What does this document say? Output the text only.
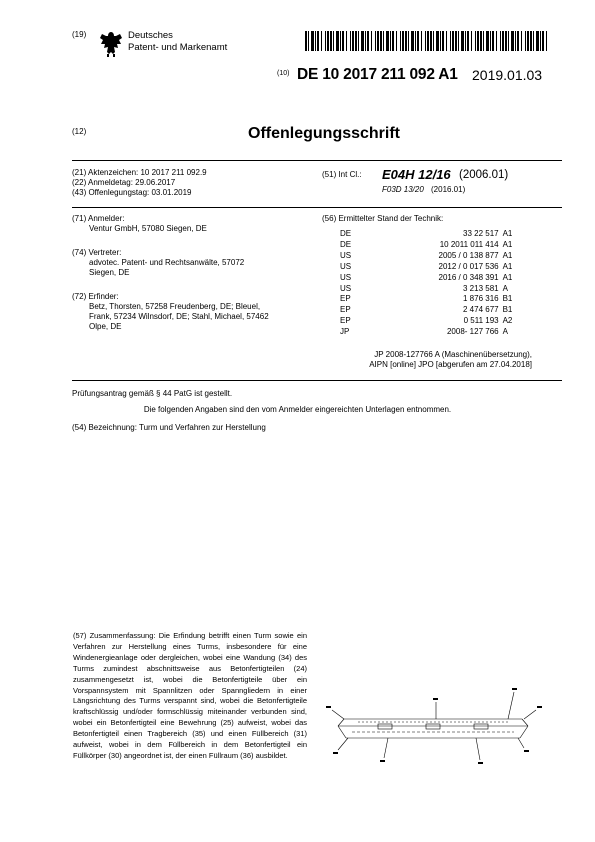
(19)	Deutsches
Patent- und Markenamt
(10) DE 10 2017 211 092 A1 2019.01.03
(12)	Offenlegungsschrift
(21) Aktenzeichen: 10 2017 211 092.9
(22) Anmeldetag: 29.06.2017
(43) Offenlegungstag: 03.01.2019
(51) Int Cl.: E04H 12/16 (2006.01)
F03D 13/20 (2016.01)
(71) Anmelder:
Ventur GmbH, 57080 Siegen, DE
(74) Vertreter:
advotec. Patent- und Rechtsanwälte, 57072
Siegen, DE
(72) Erfinder:
Betz, Thorsten, 57258 Freudenberg, DE; Bleuel,
Frank, 57234 Wilnsdorf, DE; Stahl, Michael, 57462
Olpe, DE
(56) Ermittelter Stand der Technik:
DE	33 22 517 A1
DE	10 2011 011 414 A1
US	2005 / 0 138 877 A1
US	2012 / 0 017 536 A1
US	2016 / 0 348 391 A1
US	3 213 581 A
EP	1 876 316 B1
EP	2 474 677 B1
EP	0 511 193 A2
JP	2008- 127 766 A
JP 2008-127766 A (Maschinenübersetzung),
AIPN [online] JPO [abgerufen am 27.04.2018]
Prüfungsantrag gemäß § 44 PatG ist gestellt.
Die folgenden Angaben sind den vom Anmelder eingereichten Unterlagen entnommen.
(54) Bezeichnung: Turm und Verfahren zur Herstellung
(57) Zusammenfassung: Die Erfindung betrifft einen Turm sowie ein Verfahren zur Herstellung eines Turms, insbesondere für eine Windenergieanlage oder dergleichen, wobei eine Wandung (34) des Turms zumindest abschnittsweise aus Betonfertigteilen (24) zusammengesetzt ist, wobei die Betonfertigteile über ein Vorspannsystem mit Spannlitzen oder Spanngliedern in einer Längsrichtung des Turms verspannt sind, wobei die Betonfertigteile kraftschlüssig und/oder formschlüssig miteinander verbunden sind, wobei ein Betonfertigteil eine Bewehrung (25) aufweist, wobei das Betonfertigteil einen Tragbereich (35) und einen Füllbereich (31) aufweist, wobei in dem Füllbereich in dem Betonfertigteil ein Füllkörper (30) angeordnet ist, der einen Füllraum (36) ausbildet.
